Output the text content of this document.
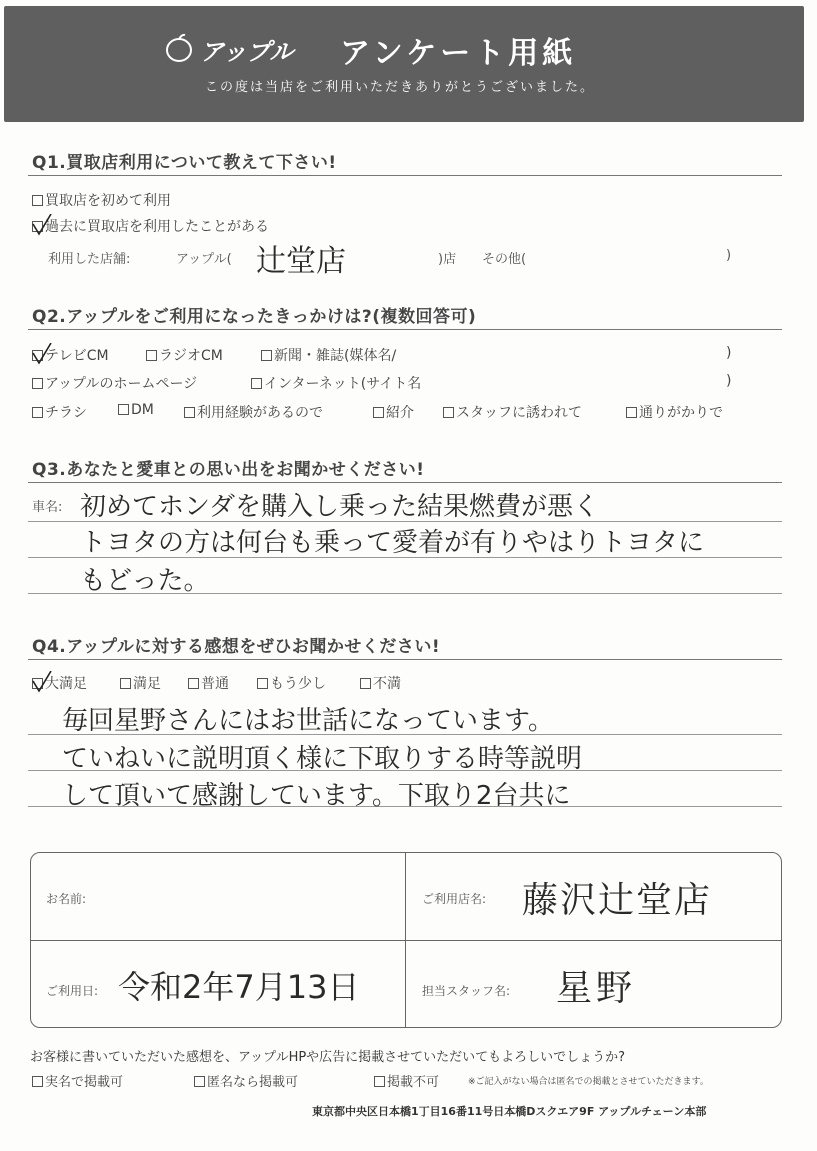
アップル アンケート用紙
この度は当店をご利用いただきありがとうございました。
Q1.買取店利用について教えて下さい!
買取店を初めて利用
過去に買取店を利用したことがある
利用した店舗:	アップル( 辻堂店	)店 その他(	)
Q2.アップルをご利用になったきっかけは?(複数回答可)
テレビCM	ラジオCM	新聞・雑誌(媒体名/	)
アップルのホームページ	インターネット(サイト名	)
チラシ	DM	利用経験があるので	紹介	スタッフに誘われて	通りがかりで
Q3.あなたと愛車との思い出をお聞かせください!
車名: 初めてホンダを購入し乗った結果燃費が悪く
トヨタの方は何台も乗って愛着が有りやはりトヨタに
もどった。
Q4.アップルに対する感想をぜひお聞かせください!
大満足	満足	普通	もう少し	不満
毎回星野さんにはお世話になっています。
ていねいに説明頂く様に下取りする時等説明
して頂いて感謝しています。下取り2台共に
お名前:	ご利用店名: 藤沢辻堂店
ご利用日: 令和2年7月13日	担当スタッフ名: 星野
お客様に書いていただいた感想を、アップルHPや広告に掲載させていただいてもよろしいでしょうか?
実名で掲載可	匿名なら掲載可	掲載不可	※ご記入がない場合は匿名での掲載とさせていただきます。
東京都中央区日本橋1丁目16番11号日本橋Dスクエア9F アップルチェーン本部
